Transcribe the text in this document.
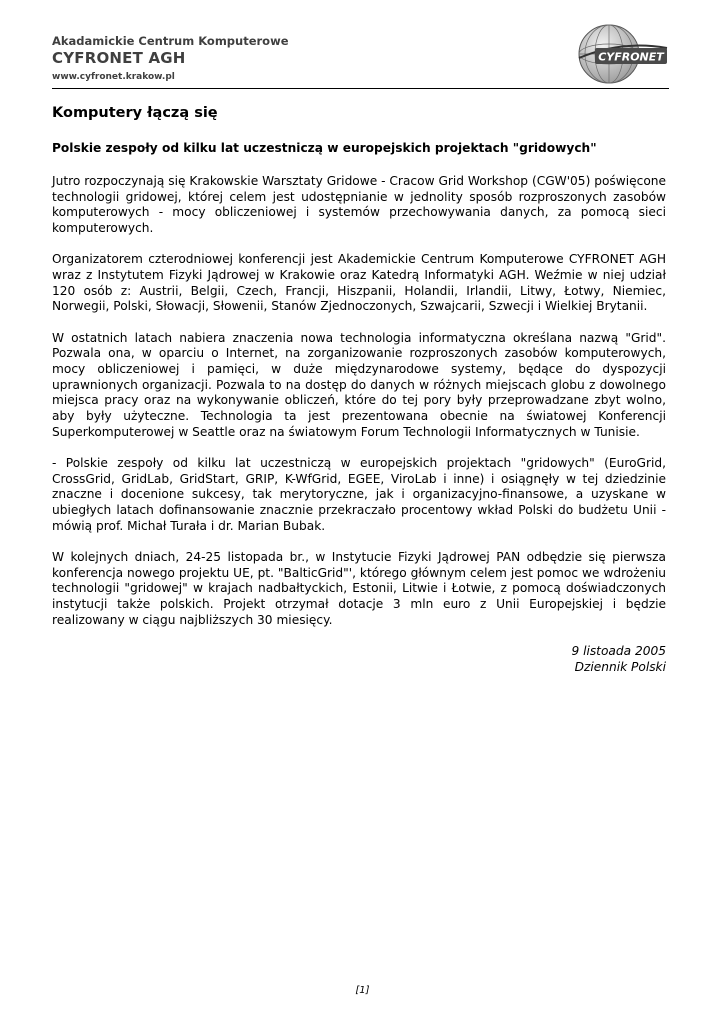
Akadamickie Centrum Komputerowe
CYFRONET AGH
www.cyfronet.krakow.pl
CYFRONET
Komputery łączą się
Polskie zespoły od kilku lat uczestniczą w europejskich projektach "gridowych"

Jutro rozpoczynają się Krakowskie Warsztaty Gridowe - Cracow Grid Workshop (CGW'05) poświęcone technologii gridowej, której celem jest udostępnianie w jednolity sposób rozproszonych zasobów komputerowych - mocy obliczeniowej i systemów przechowywania danych, za pomocą sieci komputerowych.

Organizatorem czterodniowej konferencji jest Akademickie Centrum Komputerowe CYFRONET AGH wraz z Instytutem Fizyki Jądrowej w Krakowie oraz Katedrą Informatyki AGH. Weźmie w niej udział 120 osób z: Austrii, Belgii, Czech, Francji, Hiszpanii, Holandii, Irlandii, Litwy, Łotwy, Niemiec, Norwegii, Polski, Słowacji, Słowenii, Stanów Zjednoczonych, Szwajcarii, Szwecji i Wielkiej Brytanii.

W ostatnich latach nabiera znaczenia nowa technologia informatyczna określana nazwą "Grid". Pozwala ona, w oparciu o Internet, na zorganizowanie rozproszonych zasobów komputerowych, mocy obliczeniowej i pamięci, w duże międzynarodowe systemy, będące do dyspozycji uprawnionych organizacji. Pozwala to na dostęp do danych w różnych miejscach globu z dowolnego miejsca pracy oraz na wykonywanie obliczeń, które do tej pory były przeprowadzane zbyt wolno, aby były użyteczne. Technologia ta jest prezentowana obecnie na światowej Konferencji Superkomputerowej w Seattle oraz na światowym Forum Technologii Informatycznych w Tunisie.

- Polskie zespoły od kilku lat uczestniczą w europejskich projektach "gridowych" (EuroGrid, CrossGrid, GridLab, GridStart, GRIP, K-WfGrid, EGEE, ViroLab i inne) i osiągnęły w tej dziedzinie znaczne i docenione sukcesy, tak merytoryczne, jak i organizacyjno-finansowe, a uzyskane w ubiegłych latach dofinansowanie znacznie przekraczało procentowy wkład Polski do budżetu Unii - mówią prof. Michał Turała i dr. Marian Bubak.

W kolejnych dniach, 24-25 listopada br., w Instytucie Fizyki Jądrowej PAN odbędzie się pierwsza konferencja nowego projektu UE, pt. "BalticGrid"', którego głównym celem jest pomoc we wdrożeniu technologii "gridowej" w krajach nadbałtyckich, Estonii, Litwie i Łotwie, z pomocą doświadczonych instytucji także polskich. Projekt otrzymał dotacje 3 mln euro z Unii Europejskiej i będzie realizowany w ciągu najbliższych 30 miesięcy.

9 listoada 2005
Dziennik Polski
[1]
